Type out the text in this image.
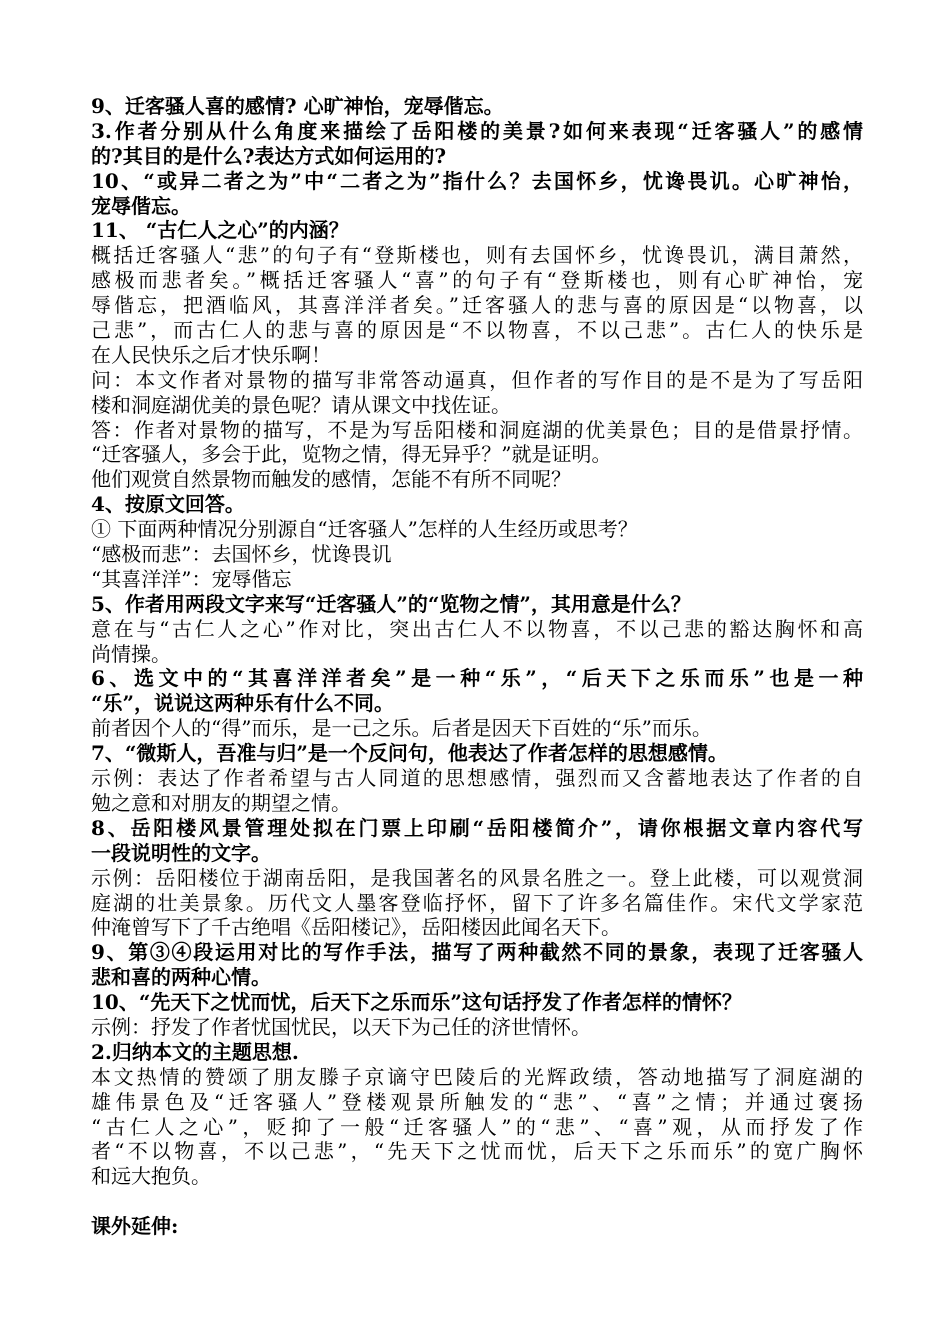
9、迁客骚人喜的感情? 心旷神怡，宠辱偕忘。
3.作者分别从什么角度来描绘了岳阳楼的美景?如何来表现“迁客骚人”的感情
的?其目的是什么?表达方式如何运用的?
10、“或异二者之为”中“二者之为”指什么？去国怀乡，忧谗畏讥。心旷神怡，
宠辱偕忘。
11、 “古仁人之心”的内涵？
概括迁客骚人“悲”的句子有“登斯楼也，则有去国怀乡，忧谗畏讥，满目萧然，
感极而悲者矣。”概括迁客骚人“喜”的句子有“登斯楼也，则有心旷神怡，宠
辱偕忘，把酒临风，其喜洋洋者矣。”迁客骚人的悲与喜的原因是“以物喜，以
己悲”，而古仁人的悲与喜的原因是“不以物喜，不以己悲”。古仁人的快乐是
在人民快乐之后才快乐啊！
问：本文作者对景物的描写非常答动逼真，但作者的写作目的是不是为了写岳阳
楼和洞庭湖优美的景色呢？请从课文中找佐证。
答：作者对景物的描写，不是为写岳阳楼和洞庭湖的优美景色；目的是借景抒情。
“迁客骚人，多会于此，览物之情，得无异乎？”就是证明。
他们观赏自然景物而触发的感情，怎能不有所不同呢？
4、按原文回答。
① 下面两种情况分别源自“迁客骚人”怎样的人生经历或思考？
“感极而悲”：去国怀乡，忧谗畏讥
“其喜洋洋”：宠辱偕忘
5、作者用两段文字来写“迁客骚人”的“览物之情”，其用意是什么？
意在与“古仁人之心”作对比，突出古仁人不以物喜，不以己悲的豁达胸怀和高
尚情操。
6、选文中的“其喜洋洋者矣”是一种“乐”，“后天下之乐而乐”也是一种
“乐”，说说这两种乐有什么不同。
前者因个人的“得”而乐，是一己之乐。后者是因天下百姓的“乐”而乐。
7、“微斯人，吾准与归”是一个反问句，他表达了作者怎样的思想感情。
示例：表达了作者希望与古人同道的思想感情，强烈而又含蓄地表达了作者的自
勉之意和对朋友的期望之情。
8、岳阳楼风景管理处拟在门票上印刷“岳阳楼简介”，请你根据文章内容代写
一段说明性的文字。
示例：岳阳楼位于湖南岳阳，是我国著名的风景名胜之一。登上此楼，可以观赏洞
庭湖的壮美景象。历代文人墨客登临抒怀，留下了许多名篇佳作。宋代文学家范
仲淹曾写下了千古绝唱《岳阳楼记》，岳阳楼因此闻名天下。
9、第③④段运用对比的写作手法，描写了两种截然不同的景象，表现了迁客骚人
悲和喜的两种心情。
10、“先天下之忧而忧，后天下之乐而乐”这句话抒发了作者怎样的情怀？
示例：抒发了作者忧国忧民，以天下为己任的济世情怀。
2.归纳本文的主题思想.
本文热情的赞颂了朋友滕子京谪守巴陵后的光辉政绩，答动地描写了洞庭湖的
雄伟景色及“迁客骚人”登楼观景所触发的“悲”、“喜”之情；并通过褒扬
“古仁人之心”，贬抑了一般“迁客骚人”的“悲”、“喜”观，从而抒发了作
者“不以物喜，不以己悲”，“先天下之忧而忧，后天下之乐而乐”的宽广胸怀
和远大抱负。
课外延伸:
